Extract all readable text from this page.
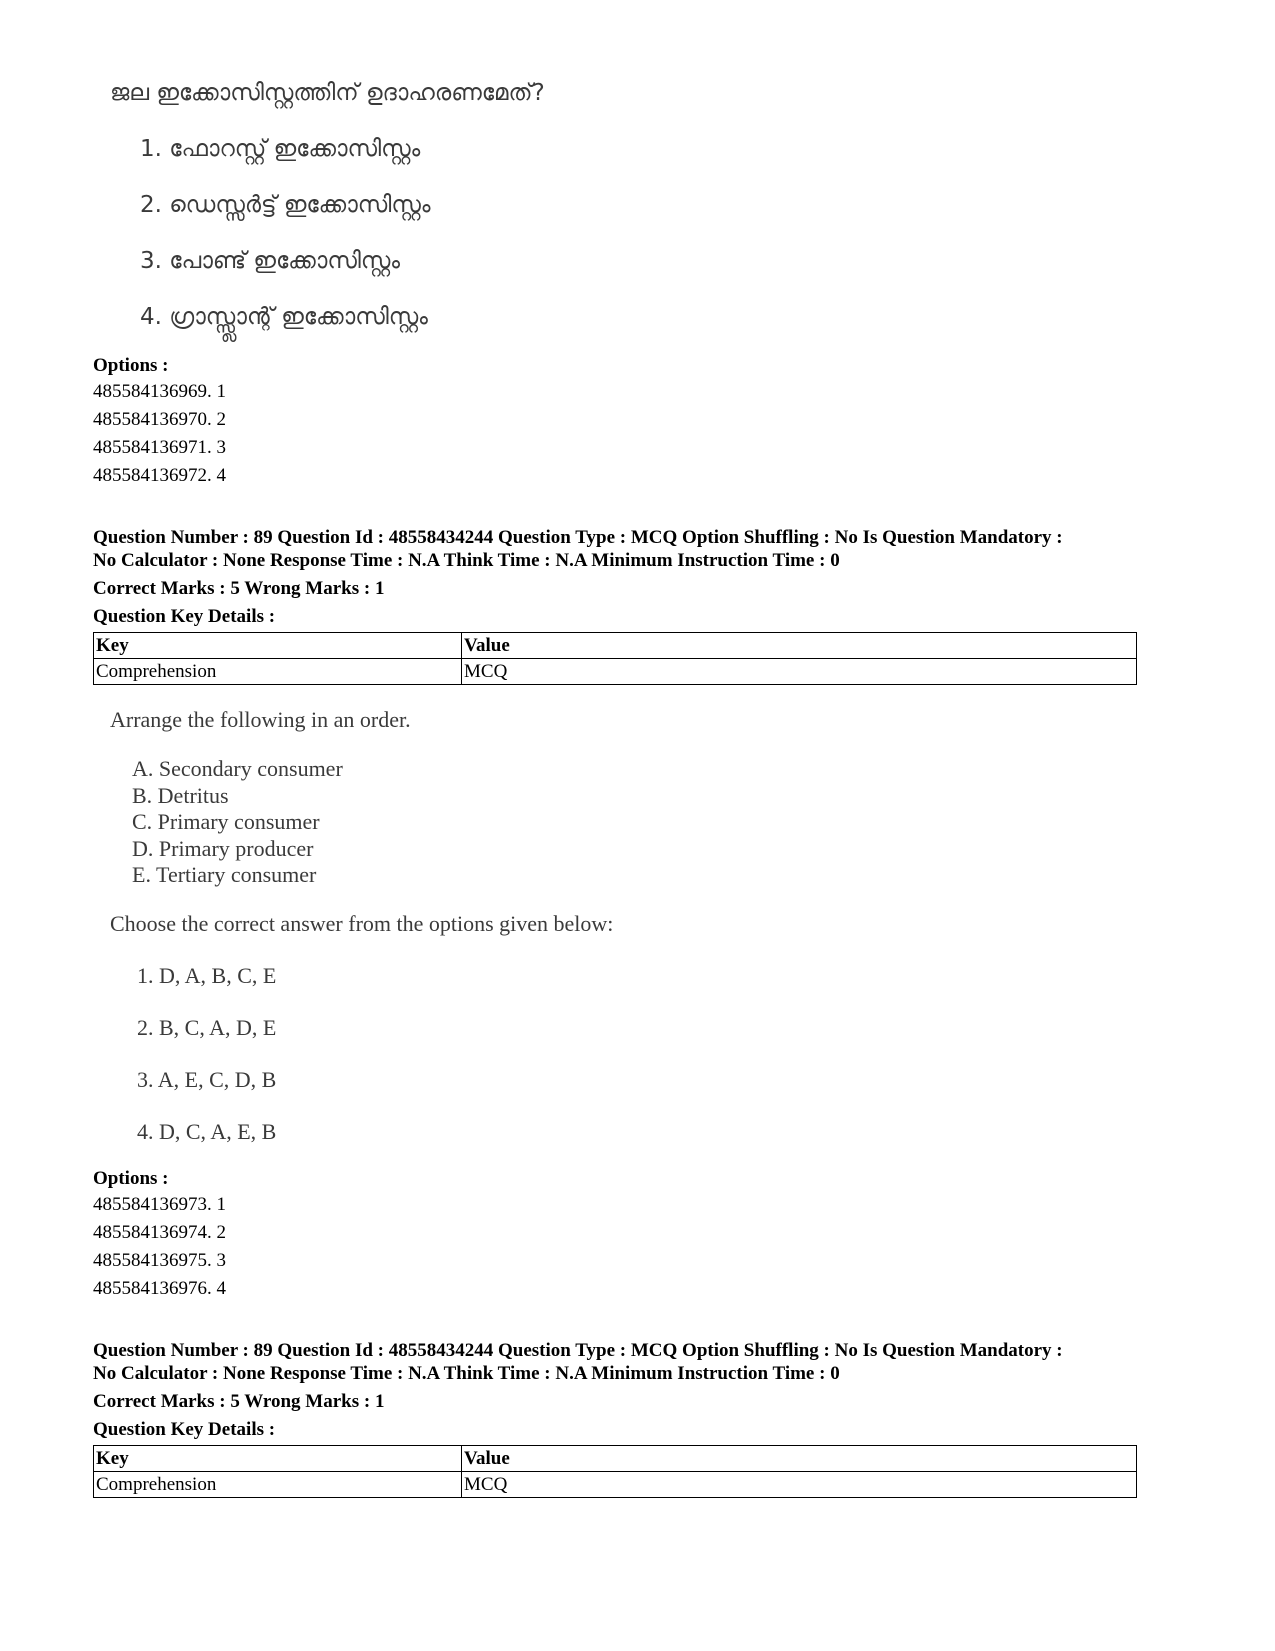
ജല ഇക്കോസിസ്റ്റത്തിന് ഉദാഹരണമേത്?
1. ഫോറസ്റ്റ് ഇക്കോസിസ്റ്റം
2. ഡെസ്സർട്ട് ഇക്കോസിസ്റ്റം
3. പോണ്ട് ഇക്കോസിസ്റ്റം
4. ഗ്രാസ്സ്ലാന്റ് ഇക്കോസിസ്റ്റം
Options :
485584136969. 1
485584136970. 2
485584136971. 3
485584136972. 4
Question Number : 89 Question Id : 48558434244 Question Type : MCQ Option Shuffling : No Is Question Mandatory :
No Calculator : None Response Time : N.A Think Time : N.A Minimum Instruction Time : 0
Correct Marks : 5 Wrong Marks : 1
Question Key Details :
Key	Value
Comprehension	MCQ
Arrange the following in an order.
A. Secondary consumer
B. Detritus
C. Primary consumer
D. Primary producer
E. Tertiary consumer
Choose the correct answer from the options given below:
1. D, A, B, C, E
2. B, C, A, D, E
3. A, E, C, D, B
4. D, C, A, E, B
Options :
485584136973. 1
485584136974. 2
485584136975. 3
485584136976. 4
Question Number : 89 Question Id : 48558434244 Question Type : MCQ Option Shuffling : No Is Question Mandatory :
No Calculator : None Response Time : N.A Think Time : N.A Minimum Instruction Time : 0
Correct Marks : 5 Wrong Marks : 1
Question Key Details :
Key	Value
Comprehension	MCQ
